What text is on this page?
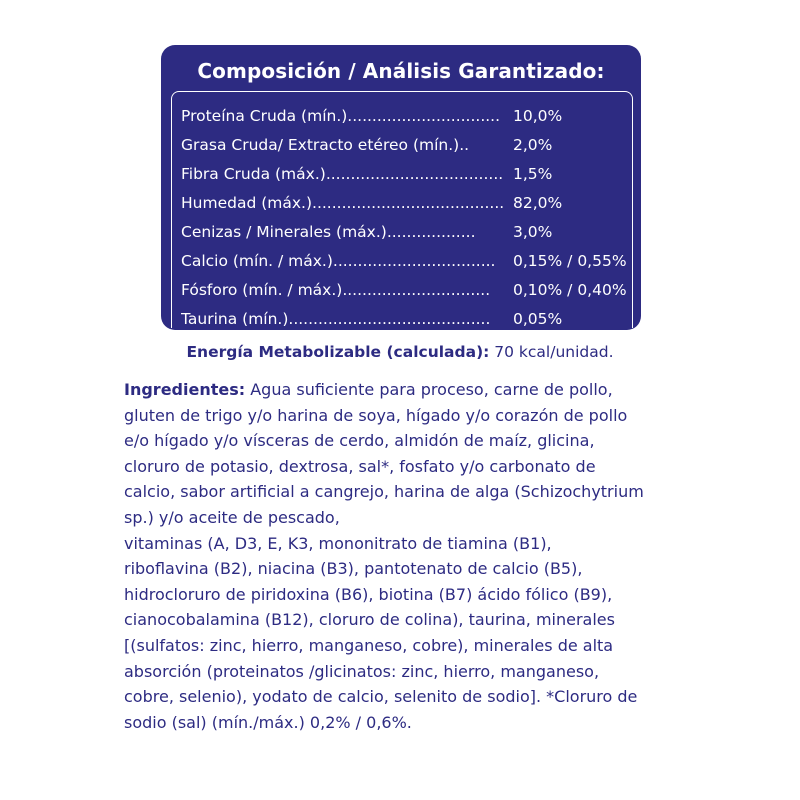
Composición / Análisis Garantizado:
Proteína Cruda (mín.)............................... 10,0%
Grasa Cruda/ Extracto etéreo (mín.)..	2,0%
Fibra Cruda (máx.).................................... 1,5%
Humedad (máx.)....................................... 82,0%
Cenizas / Minerales (máx.)..................	3,0%
Calcio (mín. / máx.).................................	0,15% / 0,55%
Fósforo (mín. / máx.)..............................	0,10% / 0,40%
Taurina (mín.).........................................	0,05%
Energía Metabolizable (calculada): 70 kcal/unidad.
Ingredientes: Agua suficiente para proceso, carne de pollo,
gluten de trigo y/o harina de soya, hígado y/o corazón de pollo
e/o hígado y/o vísceras de cerdo, almidón de maíz, glicina,
cloruro de potasio, dextrosa, sal*, fosfato y/o carbonato de
calcio, sabor artificial a cangrejo, harina de alga (Schizochytrium
sp.) y/o aceite de pescado,
vitaminas (A, D3, E, K3, mononitrato de tiamina (B1),
riboflavina (B2), niacina (B3), pantotenato de calcio (B5),
hidrocloruro de piridoxina (B6), biotina (B7) ácido fólico (B9),
cianocobalamina (B12), cloruro de colina), taurina, minerales
[(sulfatos: zinc, hierro, manganeso, cobre), minerales de alta
absorción (proteinatos /glicinatos: zinc, hierro, manganeso,
cobre, selenio), yodato de calcio, selenito de sodio]. *Cloruro de
sodio (sal) (mín./máx.) 0,2% / 0,6%.
